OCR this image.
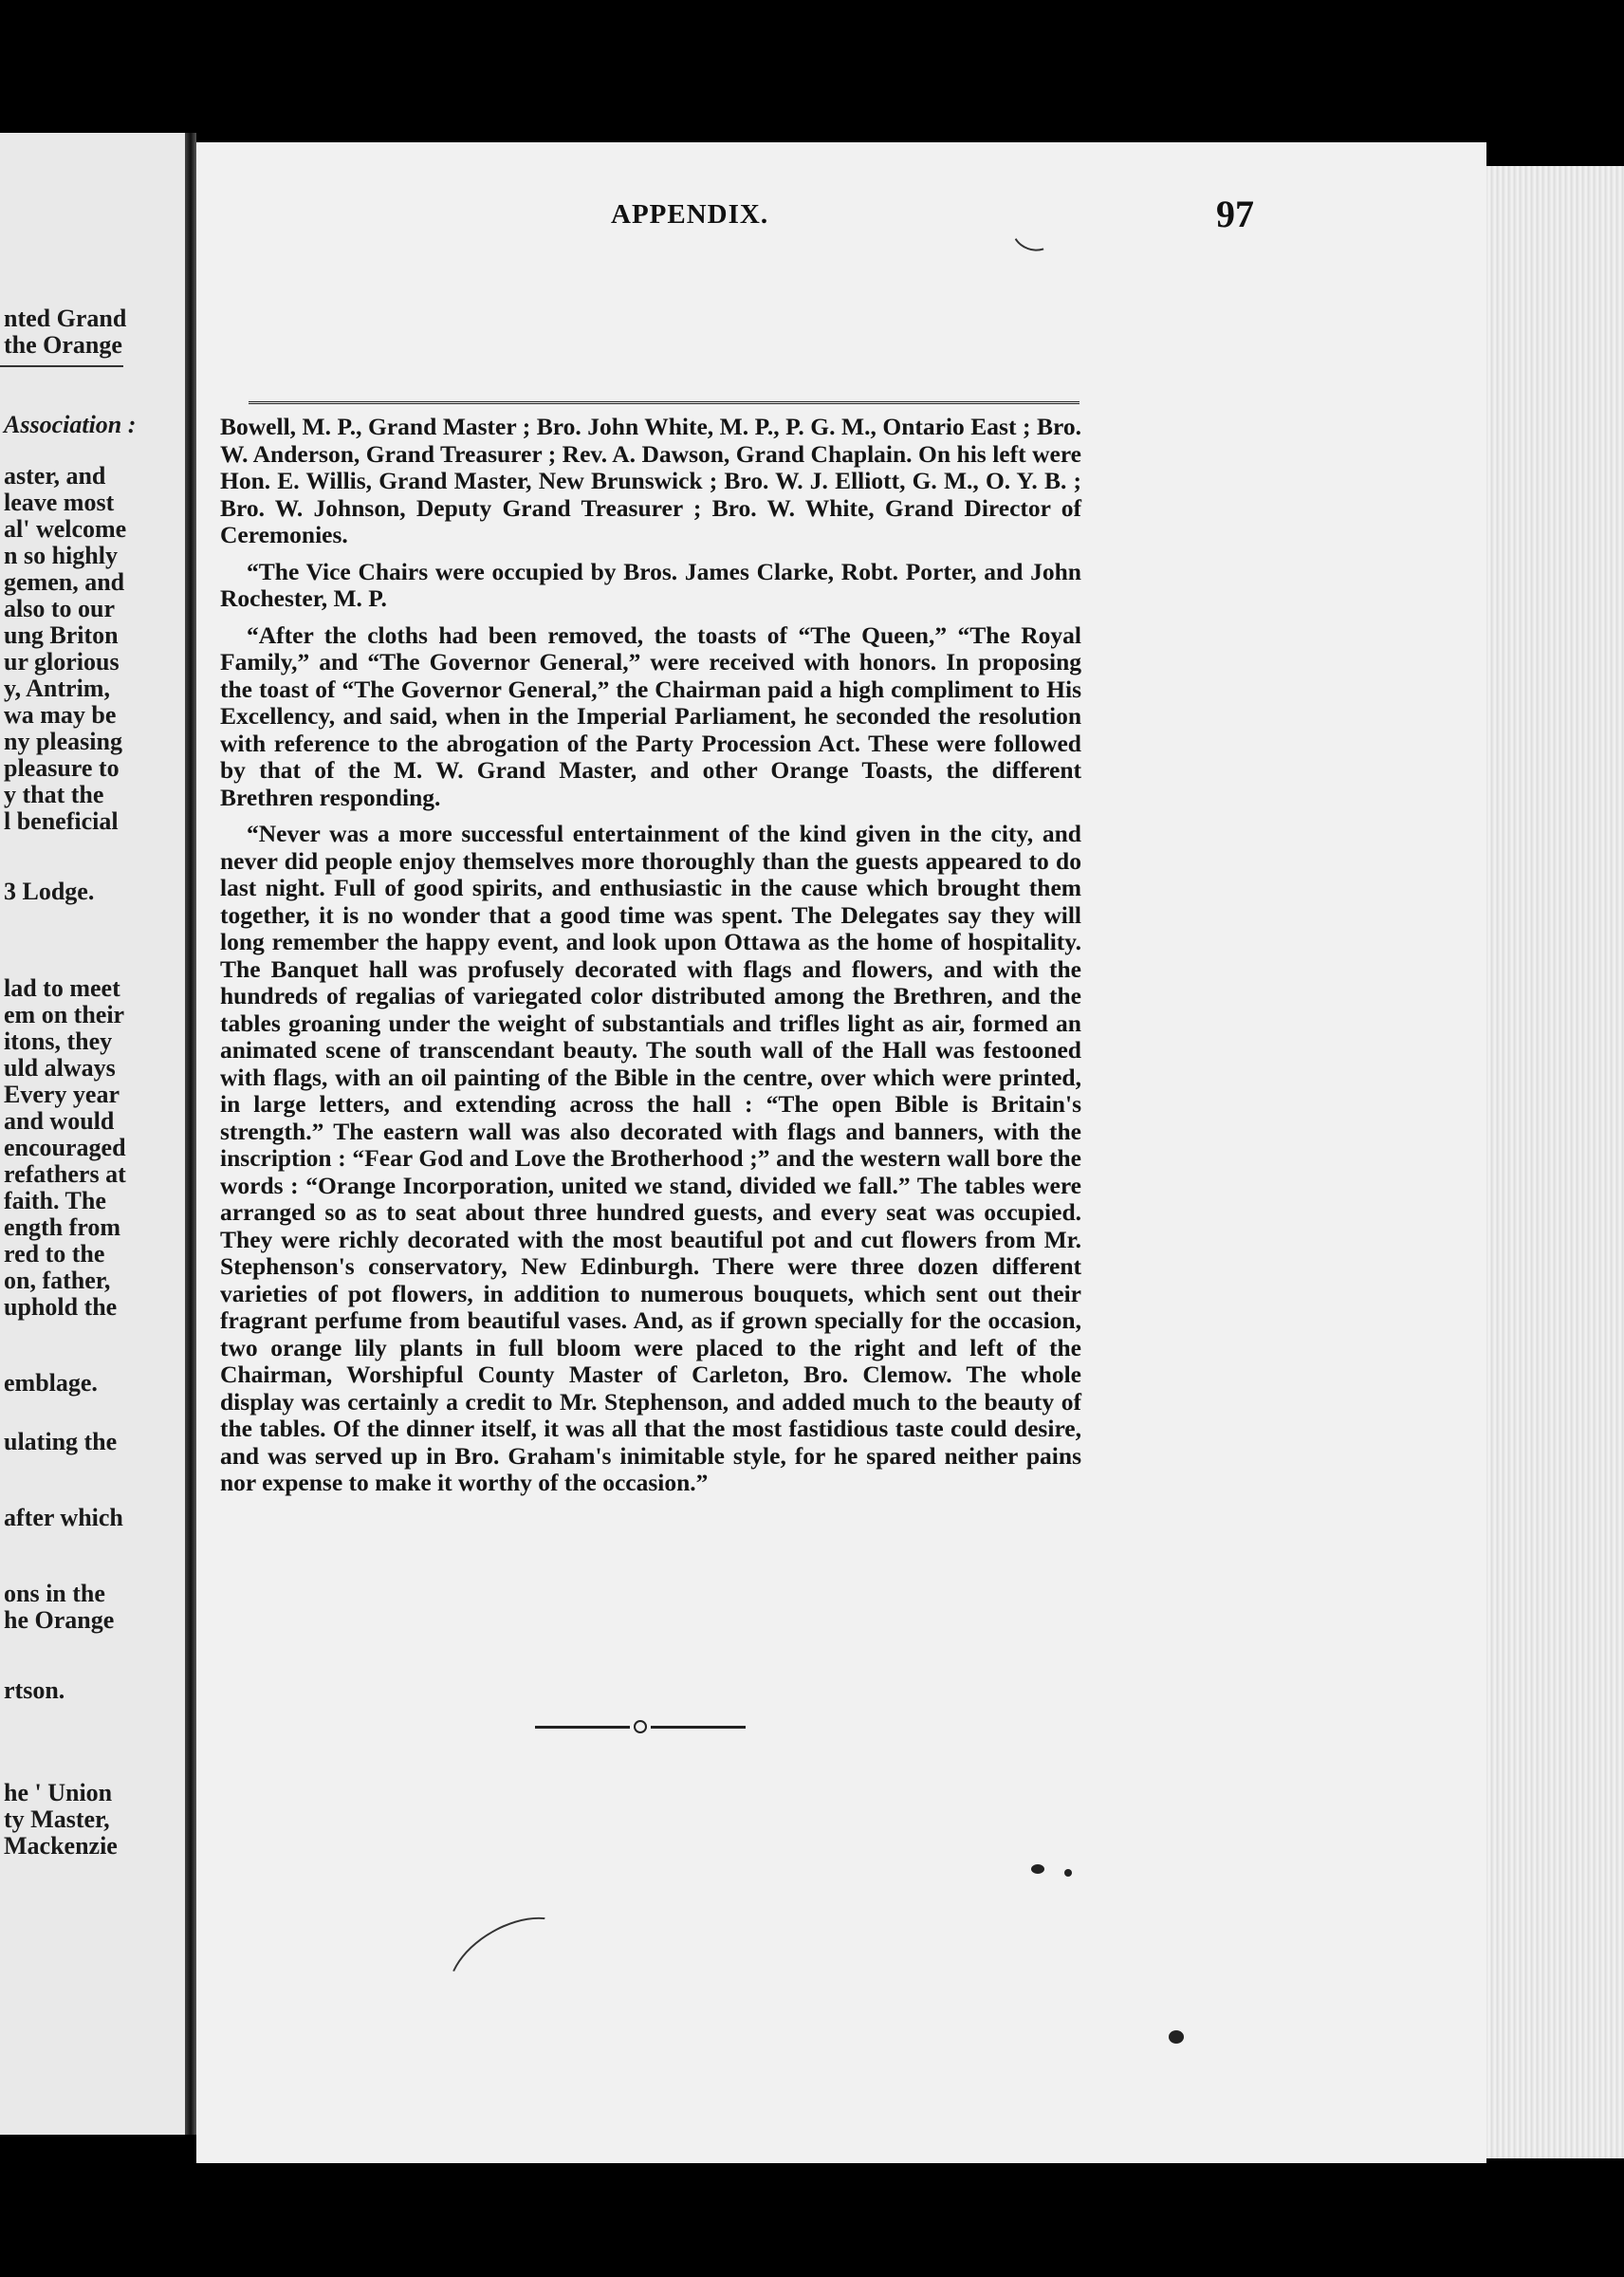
nted Grand
the Orange
Association :
aster, and
leave most
al' welcome
n so highly
gemen, and
also to our
ung Briton
ur glorious
y, Antrim,
wa may be
ny pleasing
pleasure to
y that the
l beneficial
3 Lodge.
lad to meet
em on their
itons, they
uld always
Every year
and would
encouraged
refathers at
faith. The
ength from
red to the
on, father,
uphold the
emblage.
ulating the
after which
ons in the
he Orange
rtson.
he ' Union
ty Master,
Mackenzie
APPENDIX.	97

Bowell, M. P., Grand Master ; Bro. John White, M. P., P. G. M., Ontario East ; Bro. W. Anderson, Grand Treasurer ; Rev. A. Dawson, Grand Chaplain. On his left were Hon. E. Willis, Grand Master, New Brunswick ; Bro. W. J. Elliott, G. M., O. Y. B. ; Bro. W. Johnson, Deputy Grand Treasurer ; Bro. W. White, Grand Director of Ceremonies.

“The Vice Chairs were occupied by Bros. James Clarke, Robt. Porter, and John Rochester, M. P.

“After the cloths had been removed, the toasts of “The Queen,” “The Royal Family,” and “The Governor General,” were received with honors. In proposing the toast of “The Governor General,” the Chairman paid a high compliment to His Excellency, and said, when in the Imperial Parliament, he seconded the resolution with reference to the abrogation of the Party Procession Act. These were followed by that of the M. W. Grand Master, and other Orange Toasts, the different Brethren responding.

“Never was a more successful entertainment of the kind given in the city, and never did people enjoy themselves more thoroughly than the guests appeared to do last night. Full of good spirits, and enthusiastic in the cause which brought them together, it is no wonder that a good time was spent. The Delegates say they will long remember the happy event, and look upon Ottawa as the home of hospitality. The Banquet hall was profusely decorated with flags and flowers, and with the hundreds of regalias of variegated color distributed among the Brethren, and the tables groaning under the weight of substantials and trifles light as air, formed an animated scene of transcendant beauty. The south wall of the Hall was festooned with flags, with an oil painting of the Bible in the centre, over which were printed, in large letters, and extending across the hall : “The open Bible is Britain's strength.” The eastern wall was also decorated with flags and banners, with the inscription : “Fear God and Love the Brotherhood ;” and the western wall bore the words : “Orange Incorporation, united we stand, divided we fall.” The tables were arranged so as to seat about three hundred guests, and every seat was occupied. They were richly decorated with the most beautiful pot and cut flowers from Mr. Stephenson's conservatory, New Edinburgh. There were three dozen different varieties of pot flowers, in addition to numerous bouquets, which sent out their fragrant perfume from beautiful vases. And, as if grown specially for the occasion, two orange lily plants in full bloom were placed to the right and left of the Chairman, Worshipful County Master of Carleton, Bro. Clemow. The whole display was certainly a credit to Mr. Stephenson, and added much to the beauty of the tables. Of the dinner itself, it was all that the most fastidious taste could desire, and was served up in Bro. Graham's inimitable style, for he spared neither pains nor expense to make it worthy of the occasion.”
